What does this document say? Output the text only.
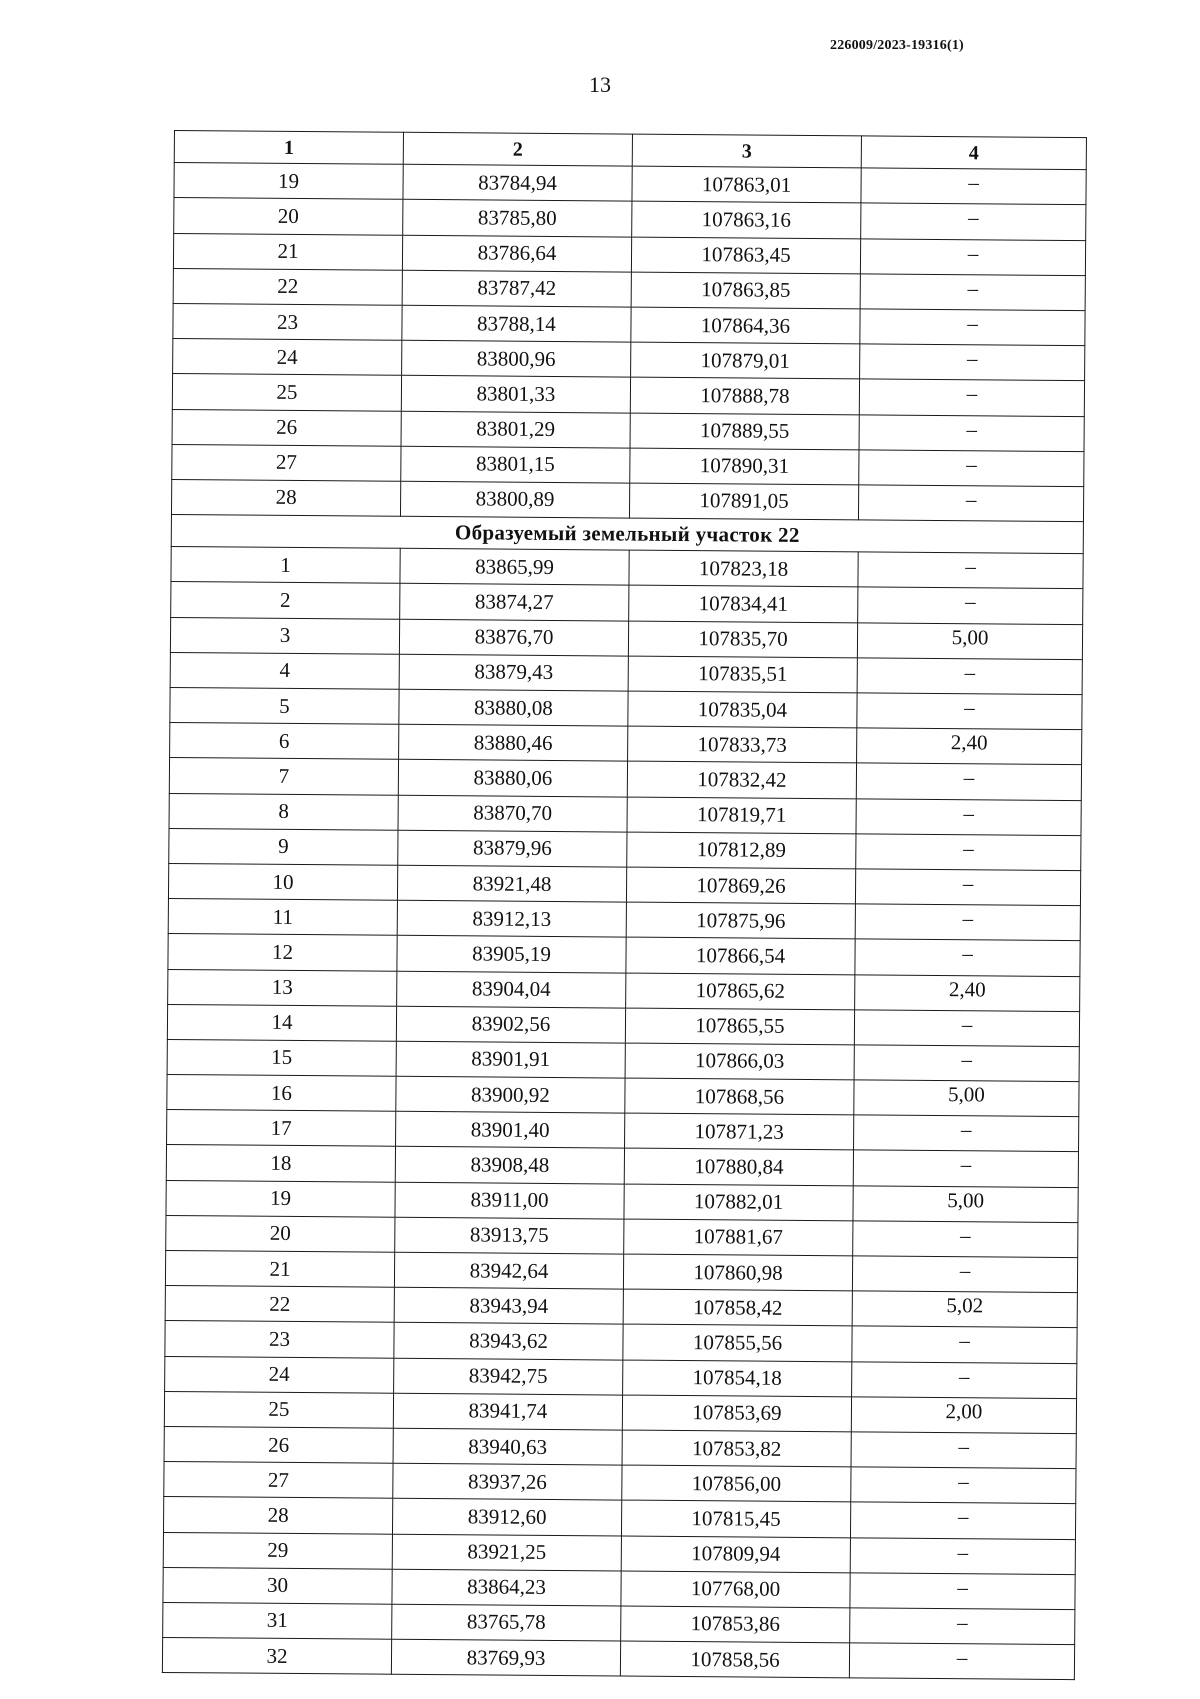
226009/2023-19316(1)
13
1	2	3	4
19	83784,94	107863,01	–
20	83785,80	107863,16	–
21	83786,64	107863,45	–
22	83787,42	107863,85	–
23	83788,14	107864,36	–
24	83800,96	107879,01	–
25	83801,33	107888,78	–
26	83801,29	107889,55	–
27	83801,15	107890,31	–
28	83800,89	107891,05	–
Образуемый земельный участок 22			
1	83865,99	107823,18	–
2	83874,27	107834,41	–
3	83876,70	107835,70	5,00
4	83879,43	107835,51	–
5	83880,08	107835,04	–
6	83880,46	107833,73	2,40
7	83880,06	107832,42	–
8	83870,70	107819,71	–
9	83879,96	107812,89	–
10	83921,48	107869,26	–
11	83912,13	107875,96	–
12	83905,19	107866,54	–
13	83904,04	107865,62	2,40
14	83902,56	107865,55	–
15	83901,91	107866,03	–
16	83900,92	107868,56	5,00
17	83901,40	107871,23	–
18	83908,48	107880,84	–
19	83911,00	107882,01	5,00
20	83913,75	107881,67	–
21	83942,64	107860,98	–
22	83943,94	107858,42	5,02
23	83943,62	107855,56	–
24	83942,75	107854,18	–
25	83941,74	107853,69	2,00
26	83940,63	107853,82	–
27	83937,26	107856,00	–
28	83912,60	107815,45	–
29	83921,25	107809,94	–
30	83864,23	107768,00	–
31	83765,78	107853,86	–
32	83769,93	107858,56	–
